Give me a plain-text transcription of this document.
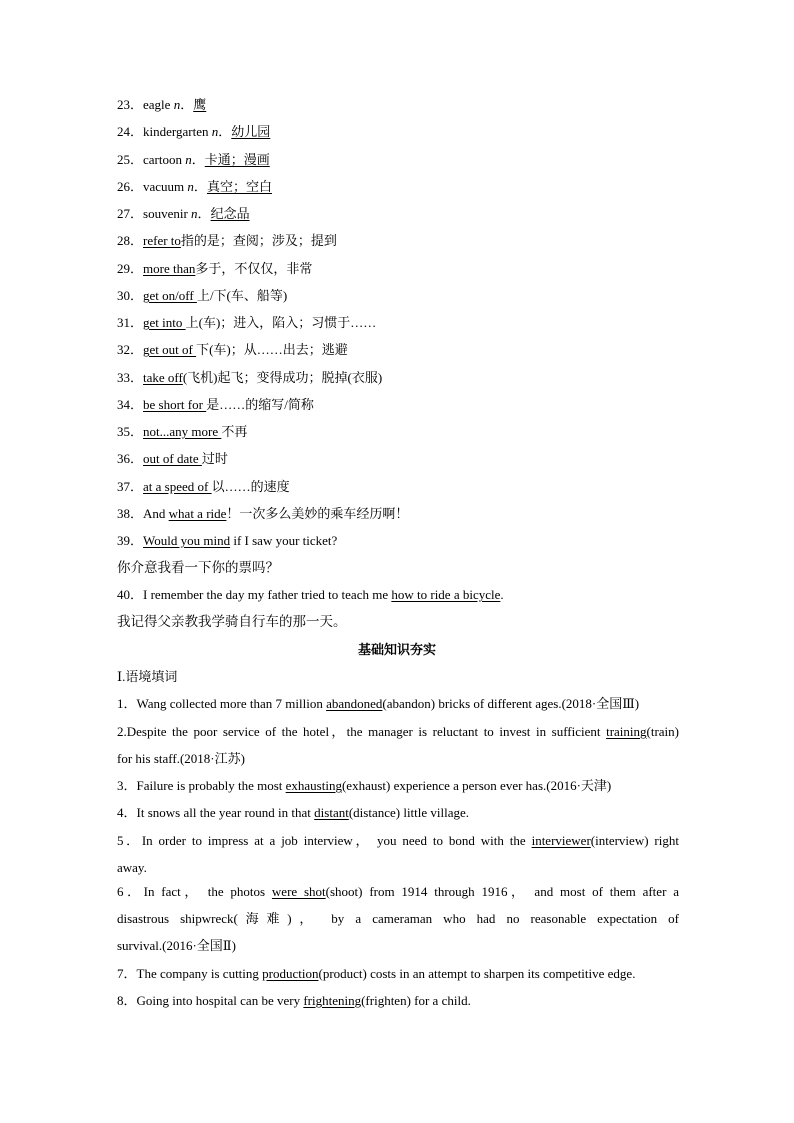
23．eagle n．鹰
24．kindergarten n．幼儿园
25．cartoon n．卡通；漫画
26．vacuum n．真空；空白
27．souvenir n．纪念品
28．refer to指的是；查阅；涉及；提到
29．more than多于，不仅仅，非常
30．get on/off 上/下(车、船等)
31．get into 上(车)；进入，陷入；习惯于……
32．get out of 下(车)；从……出去；逃避
33．take off(飞机)起飞；变得成功；脱掉(衣服)
34．be short for 是……的缩写/简称
35．not...any more 不再
36．out of date 过时
37．at a speed of 以……的速度
38．And what a ride！一次多么美妙的乘车经历啊！
39．Would you mind if I saw your ticket?
你介意我看一下你的票吗？
40．I remember the day my father tried to teach me how to ride a bicycle.
我记得父亲教我学骑自行车的那一天。
基础知识夯实
Ⅰ.语境填词
1．Wang collected more than 7 million abandoned(abandon) bricks of different ages.(2018·全国Ⅲ)
2.Despite the poor service of the hotel，the manager is reluctant to invest in sufficient training(train)
for his staff.(2018·江苏)
3．Failure is probably the most exhausting(exhaust) experience a person ever has.(2016·天津)
4．It snows all the year round in that distant(distance) little village.
5．In order to impress at a job interview， you need to bond with the interviewer(interview) right
away.
6．In fact， the photos were shot(shoot) from 1914 through 1916， and most of them after a
disastrous shipwreck(海难)， by a cameraman who had no reasonable expectation of
survival.(2016·全国Ⅱ)
7．The company is cutting production(product) costs in an attempt to sharpen its competitive edge.
8．Going into hospital can be very frightening(frighten) for a child.
